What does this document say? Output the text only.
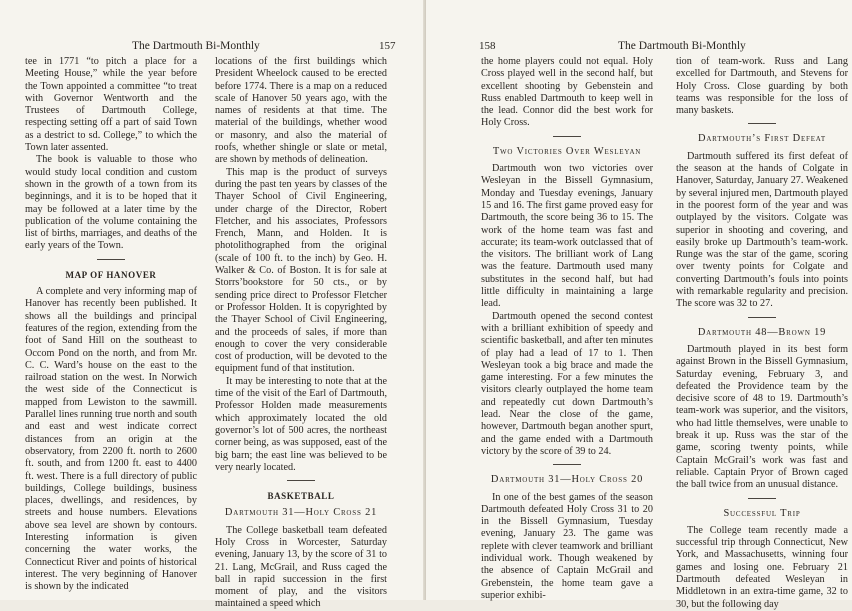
The Dartmouth Bi-Monthly	157

tee in 1771 “to pitch a place for a Meeting House,” while the year before the Town appointed a committee “to treat with Governor Wentworth and the Trustees of Dartmouth College, respecting setting off a part of said Town as a destrict to sd. College,” to which the Town later assented.

The book is valuable to those who would study local condition and custom shown in the growth of a town from its beginnings, and it is to be hoped that it may be followed at a later time by the publication of the volume containing the list of births, marriages, and deaths of the early years of the Town.

MAP OF HANOVER

A complete and very informing map of Hanover has recently been published. It shows all the buildings and principal features of the region, extending from the foot of Sand Hill on the southeast to Occom Pond on the north, and from Mr. C. C. Ward’s house on the east to the railroad station on the west. In Norwich the west side of the Connecticut is mapped from Lewiston to the sawmill. Parallel lines running true north and south and east and west indicate correct distances from an origin at the observatory, from 2200 ft. north to 2600 ft. south, and from 1200 ft. east to 4400 ft. west. There is a full directory of public buildings, College buildings, business places, dwellings, and residences, by streets and house numbers. Elevations above sea level are shown by contours. Interesting information is given concerning the water works, the Connecticut River and points of historical interest. The very beginning of Hanover is shown by the indicated

locations of the first buildings which President Wheelock caused to be erected before 1774. There is a map on a reduced scale of Hanover 50 years ago, with the names of residents at that time. The material of the buildings, whether wood or masonry, and also the material of roofs, whether shingle or slate or metal, are shown by methods of delineation.

This map is the product of surveys during the past ten years by classes of the Thayer School of Civil Engineering, under charge of the Director, Robert Fletcher, and his associates, Professors French, Mann, and Holden. It is photolithographed from the original (scale of 100 ft. to the inch) by Geo. H. Walker & Co. of Boston. It is for sale at Storrs’bookstore for 50 cts., or by sending price direct to Professor Fletcher or Professor Holden. It is copyrighted by the Thayer School of Civil Engineering, and the proceeds of sales, if more than enough to cover the very considerable cost of production, will be devoted to the equipment fund of that institution.

It may be interesting to note that at the time of the visit of the Earl of Dartmouth, Professor Holden made measurements which approximately located the old governor’s lot of 500 acres, the northeast corner being, as was supposed, east of the big barn; the east line was believed to be very nearly located.

BASKETBALL
Dartmouth 31—Holy Cross 21

The College basketball team defeated Holy Cross in Worcester, Saturday evening, January 13, by the score of 31 to 21. Lang, McGrail, and Russ caged the ball in rapid succession in the first moment of play, and the visitors maintained a speed which

158	The Dartmouth Bi-Monthly

the home players could not equal. Holy Cross played well in the second half, but excellent shooting by Gebenstein and Russ enabled Dartmouth to keep well in the lead. Connor did the best work for Holy Cross.

Two Victories Over Wesleyan

Dartmouth won two victories over Wesleyan in the Bissell Gymnasium, Monday and Tuesday evenings, January 15 and 16. The first game proved easy for Dartmouth, the score being 36 to 15. The work of the home team was fast and accurate; its team-work outclassed that of the visitors. The brilliant work of Lang was the feature. Dartmouth used many substitutes in the second half, but had little difficulty in maintaining a large lead.

Dartmouth opened the second contest with a brilliant exhibition of speedy and scientific basketball, and after ten minutes of play had a lead of 17 to 1. Then Wesleyan took a big brace and made the game interesting. For a few minutes the visitors clearly outplayed the home team and repeatedly cut down Dartmouth’s lead. Near the close of the game, however, Dartmouth began another spurt, and the game ended with a Dartmouth victory by the score of 39 to 24.

Dartmouth 31—Holy Cross 20

In one of the best games of the season Dartmouth defeated Holy Cross 31 to 20 in the Bissell Gymnasium, Tuesday evening, January 23. The game was replete with clever teamwork and brilliant individual work. Though weakened by the absence of Captain McGrail and Grebenstein, the home team gave a superior exhibi-

tion of team-work. Russ and Lang excelled for Dartmouth, and Stevens for Holy Cross. Close guarding by both teams was responsible for the loss of many baskets.

Dartmouth’s First Defeat

Dartmouth suffered its first defeat of the season at the hands of Colgate in Hanover, Saturday, January 27. Weakened by several injured men, Dartmouth played in the poorest form of the year and was outplayed by the visitors. Colgate was superior in shooting and covering, and easily broke up Dartmouth’s team-work. Runge was the star of the game, scoring over twenty points for Colgate and converting Dartmouth’s fouls into points with remarkable regularity and precision. The score was 32 to 27.

Dartmouth 48—Brown 19

Dartmouth played in its best form against Brown in the Bissell Gymnasium, Saturday evening, February 3, and defeated the Providence team by the decisive score of 48 to 19. Dartmouth’s team-work was superior, and the visitors, who had little themselves, were unable to break it up. Russ was the star of the game, scoring twenty points, while Captain McGrail’s work was fast and reliable. Captain Pryor of Brown caged the ball twice from an unusual distance.

Successful Trip

The College team recently made a successful trip through Connecticut, New York, and Massachusetts, winning four games and losing one. February 21 Dartmouth defeated Wesleyan in Middletown in an extra-time game, 32 to 30, but the following day
